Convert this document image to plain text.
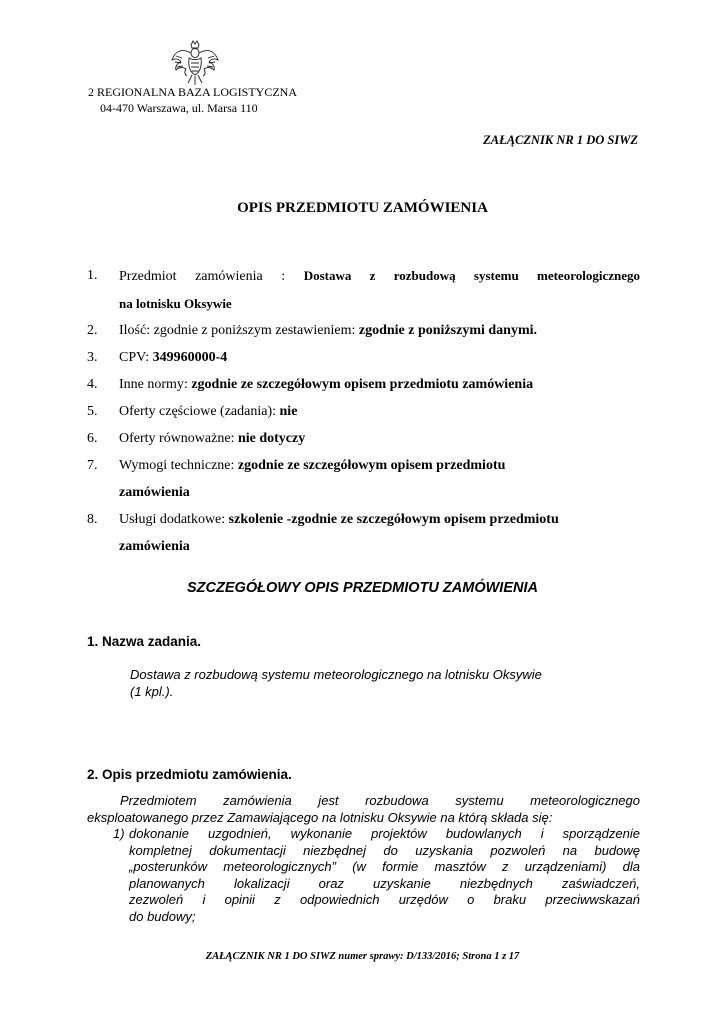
2 REGIONALNA BAZA LOGISTYCZNA
04-470 Warszawa, ul. Marsa 110
ZAŁĄCZNIK NR 1 DO SIWZ
OPIS PRZEDMIOTU ZAMÓWIENIA
1. Przedmiot zamówienia : Dostawa z rozbudową systemu meteorologicznego
na lotnisku Oksywie
2. Ilość: zgodnie z poniższym zestawieniem: zgodnie z poniższymi danymi.
3. CPV: 349960000-4
4. Inne normy: zgodnie ze szczegółowym opisem przedmiotu zamówienia
5. Oferty częściowe (zadania): nie
6. Oferty równoważne: nie dotyczy
7. Wymogi techniczne: zgodnie ze szczegółowym opisem przedmiotu
zamówienia
8. Usługi dodatkowe: szkolenie -zgodnie ze szczegółowym opisem przedmiotu
zamówienia
SZCZEGÓŁOWY OPIS PRZEDMIOTU ZAMÓWIENIA
1. Nazwa zadania.
Dostawa z rozbudową systemu meteorologicznego na lotnisku Oksywie
(1 kpl.).
2. Opis przedmiotu zamówienia.
Przedmiotem zamówienia jest rozbudowa systemu meteorologicznego
eksploatowanego przez Zamawiającego na lotnisku Oksywie na którą składa się:
1) dokonanie uzgodnień, wykonanie projektów budowlanych i sporządzenie
kompletnej dokumentacji niezbędnej do uzyskania pozwoleń na budowę
„posterunków meteorologicznych” (w formie masztów z urządzeniami) dla
planowanych lokalizacji oraz uzyskanie niezbędnych zaświadczeń,
zezwoleń i opinii z odpowiednich urzędów o braku przeciwwskazań
do budowy;
ZAŁĄCZNIK NR 1 DO SIWZ numer sprawy: D/133/2016; Strona 1 z 17
